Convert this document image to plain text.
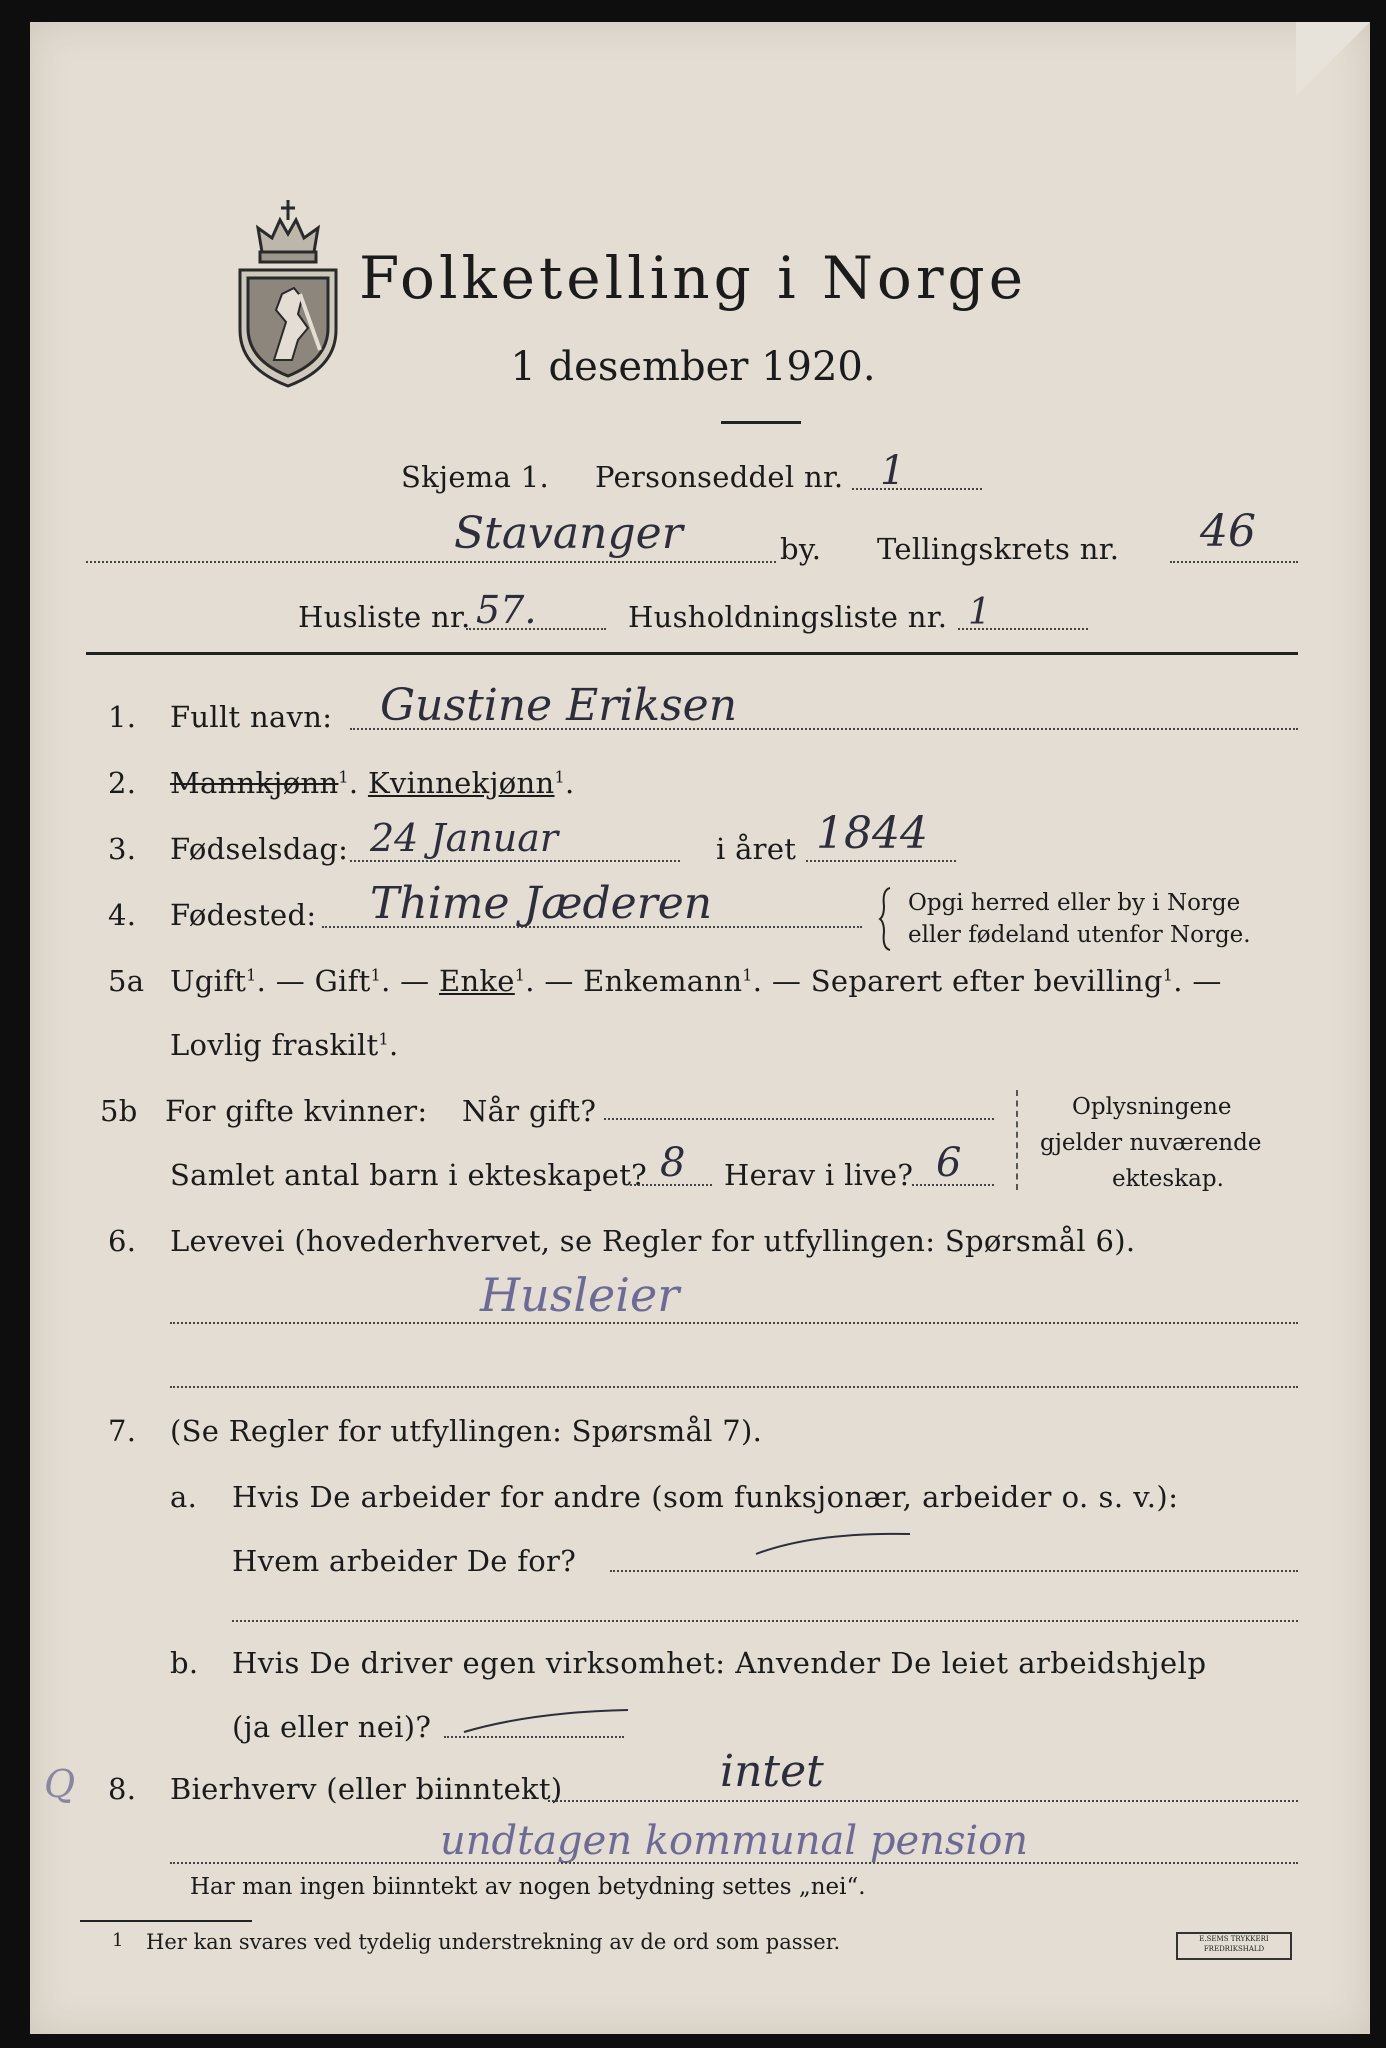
Folketelling i Norge
1 desember 1920.
Skjema 1. Personseddel nr. 1
Stavanger	by. Tellingskrets nr. 46
Husliste nr. 57.	Husholdningsliste nr. 1
1. Fullt navn: Gustine Eriksen
2. Mannkjønn$^1$. Kvinnekjønn$^1$.
3. Fødselsdag: 24 Januar	i året 1844
4. Fødested: Thime Jæderen	Opgi herred eller by i Norge
eller fødeland utenfor Norge.
5a Ugift$^1$. — Gift$^1$. — Enke$^1$. — Enkemann$^1$. — Separert efter bevilling$^1$. —
Lovlig fraskilt$^1$.
5b For gifte kvinner: Når gift?
Samlet antal barn i ekteskapet? 8 Herav i live? 6
Oplysningene
gjelder nuværende
ekteskap.
6. Levevei (hovederhvervet, se Regler for utfyllingen: Spørsmål 6).
Husleier
7. (Se Regler for utfyllingen: Spørsmål 7).
a. Hvis De arbeider for andre (som funksjonær, arbeider o. s. v.):
Hvem arbeider De for?
b. Hvis De driver egen virksomhet: Anvender De leiet arbeidshjelp
(ja eller nei)?
Q 8. Bierhverv (eller biinntekt)	intet
undtagen kommunal pension
Har man ingen biinntekt av nogen betydning settes „nei“.
1 Her kan svares ved tydelig understrekning av de ord som passer.	E.SEMS TRYKKERI
FREDRIKSHALD
